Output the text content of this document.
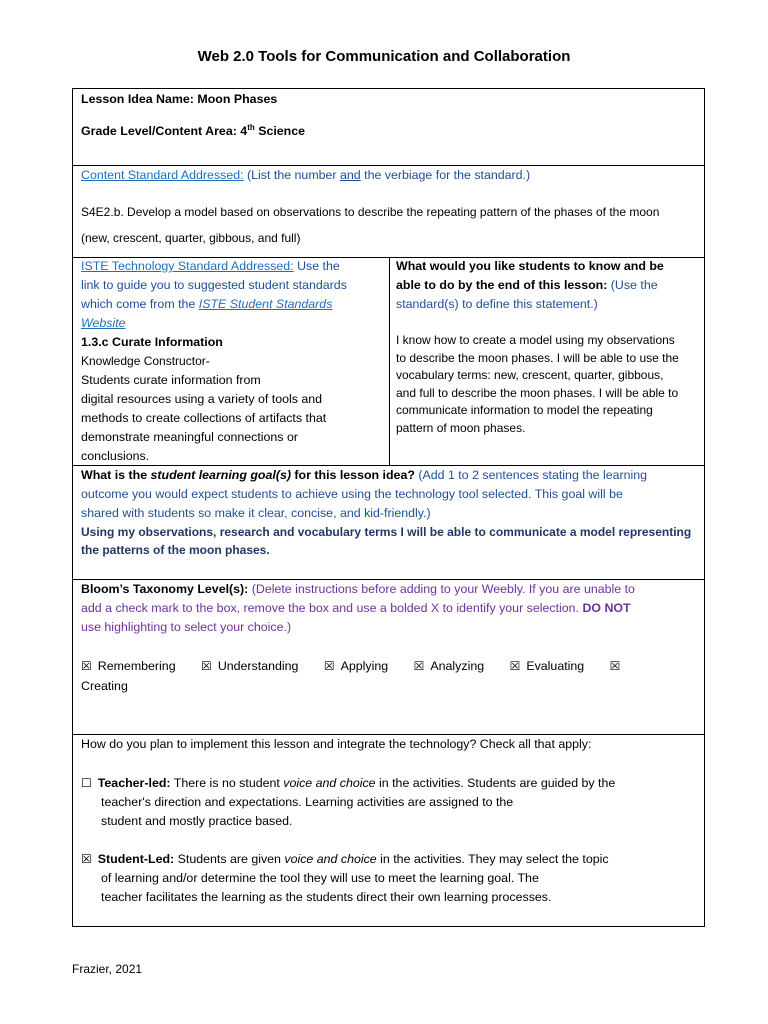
Web 2.0 Tools for Communication and Collaboration
Lesson Idea Name: Moon Phases
Grade Level/Content Area: 4th Science
Content Standard Addressed: (List the number and the verbiage for the standard.)
S4E2.b. Develop a model based on observations to describe the repeating pattern of the phases of the moon
(new, crescent, quarter, gibbous, and full)
ISTE Technology Standard Addressed: Use the
link to guide you to suggested student standards
which come from the ISTE Student Standards
Website
1.3.c Curate Information
Knowledge Constructor-
Students curate information from
digital resources using a variety of tools and
methods to create collections of artifacts that
demonstrate meaningful connections or
conclusions.
What would you like students to know and be
able to do by the end of this lesson: (Use the
standard(s) to define this statement.)
I know how to create a model using my observations
to describe the moon phases. I will be able to use the
vocabulary terms: new, crescent, quarter, gibbous,
and full to describe the moon phases. I will be able to
communicate information to model the repeating
pattern of moon phases.
What is the student learning goal(s) for this lesson idea? (Add 1 to 2 sentences stating the learning
outcome you would expect students to achieve using the technology tool selected. This goal will be
shared with students so make it clear, concise, and kid-friendly.)
Using my observations, research and vocabulary terms I will be able to communicate a model representing
the patterns of the moon phases.
Bloom’s Taxonomy Level(s): (Delete instructions before adding to your Weebly. If you are unable to
add a check mark to the box, remove the box and use a bolded X to identify your selection. DO NOT
use highlighting to select your choice.)
☒ Remembering ☒ Understanding ☒ Applying ☒ Analyzing ☒ Evaluating ☒
Creating
How do you plan to implement this lesson and integrate the technology? Check all that apply:
☐ Teacher-led: There is no student voice and choice in the activities. Students are guided by the
teacher's direction and expectations. Learning activities are assigned to the
student and mostly practice based.
☒ Student-Led: Students are given voice and choice in the activities. They may select the topic
of learning and/or determine the tool they will use to meet the learning goal. The
teacher facilitates the learning as the students direct their own learning processes.
Frazier, 2021
